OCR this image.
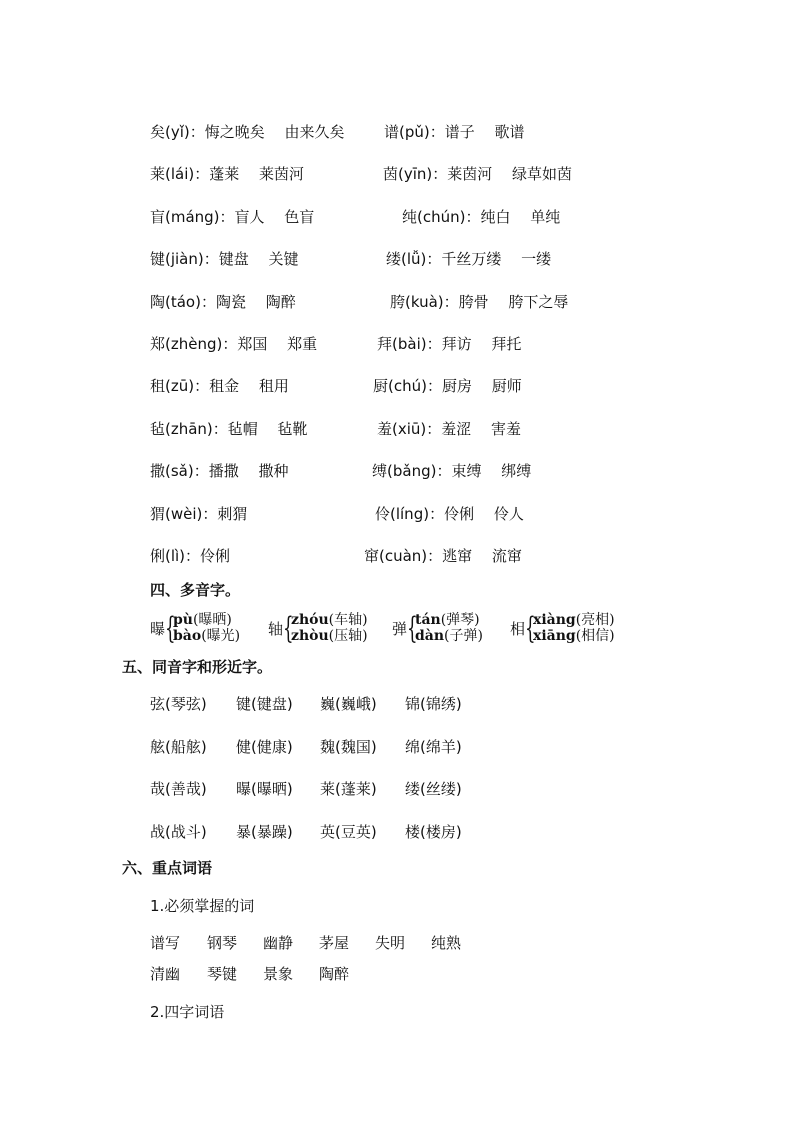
矣(yǐ)：悔之晚矣　 由来久矣	谱(pǔ)：谱子　 歌谱
莱(lái)：蓬莱　 莱茵河	茵(yīn)：莱茵河　 绿草如茵
盲(máng)：盲人　 色盲	纯(chún)：纯白　 单纯
键(jiàn)：键盘　 关键	缕(lǚ)：千丝万缕　 一缕
陶(táo)：陶瓷　 陶醉	胯(kuà)：胯骨　 胯下之辱
郑(zhèng)：郑国　 郑重	拜(bài)：拜访　 拜托
租(zū)：租金　 租用	厨(chú)：厨房　 厨师
毡(zhān)：毡帽　 毡靴	羞(xiū)：羞涩　 害羞
撒(sǎ)：播撒　 撒种	缚(bǎng)：束缚　 绑缚
猬(wèi)：刺猬	伶(líng)：伶俐　 伶人
俐(lì)：伶俐	窜(cuàn)：逃窜　 流窜
四、多音字。
曝 {
pù(曝晒)
bào(曝光) 轴 {
zhóu(车轴)
zhòu(压轴) 弹 {
tán(弹琴)
dàn(子弹) 相 {
xiàng(亮相)
xiāng(相信)
五、同音字和形近字。
弦(琴弦) 键(键盘) 巍(巍峨) 锦(锦绣)
舷(船舷) 健(健康) 魏(魏国) 绵(绵羊)
哉(善哉) 曝(曝晒) 莱(蓬莱) 缕(丝缕)
战(战斗) 暴(暴躁) 英(豆英) 楼(楼房)
六、重点词语
1.必须掌握的词
谱写 钢琴 幽静 茅屋 失明 纯熟
清幽 琴键 景象 陶醉
2.四字词语
